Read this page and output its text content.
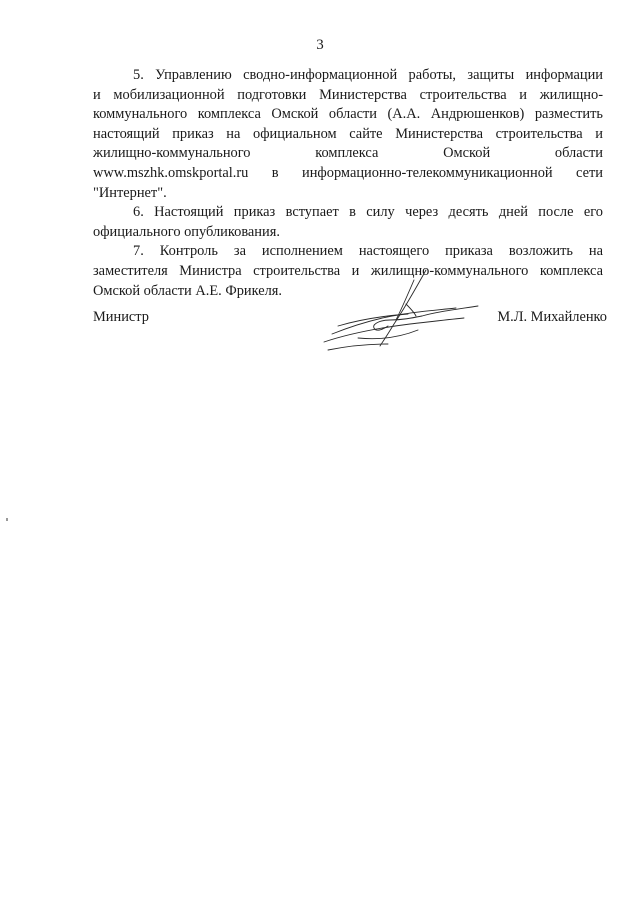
3
5. Управлению сводно-информационной работы, защиты информации
и мобилизационной подготовки Министерства строительства и жилищно-
коммунального комплекса Омской области (А.А. Андрюшенков) разместить
настоящий приказ на официальном сайте Министерства строительства и
жилищно-коммунального комплекса Омской области
www.mszhk.omskportal.ru в информационно-телекоммуникационной сети
"Интернет".
6. Настоящий приказ вступает в силу через десять дней после его
официального опубликования.
7. Контроль за исполнением настоящего приказа возложить на
заместителя Министра строительства и жилищно-коммунального комплекса
Омской области А.Е. Фрикеля.
Министр	М.Л. Михайленко
